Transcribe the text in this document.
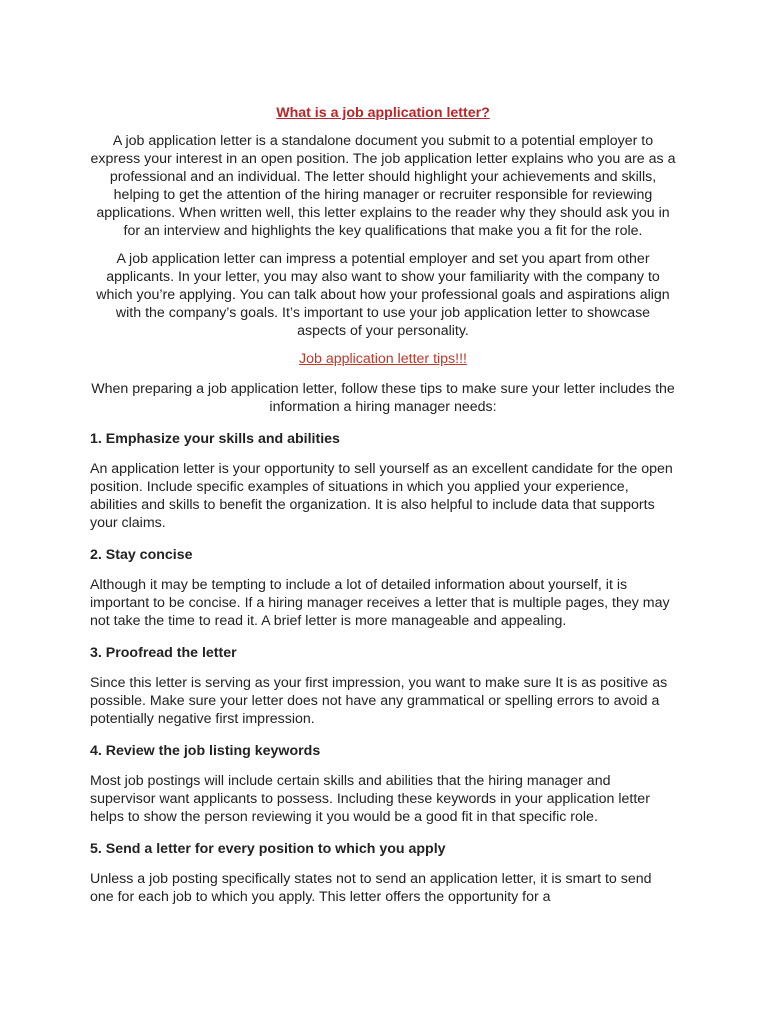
What is a job application letter?

A job application letter is a standalone document you submit to a potential employer to express your interest in an open position. The job application letter explains who you are as a professional and an individual. The letter should highlight your achievements and skills, helping to get the attention of the hiring manager or recruiter responsible for reviewing applications. When written well, this letter explains to the reader why they should ask you in for an interview and highlights the key qualifications that make you a fit for the role.

A job application letter can impress a potential employer and set you apart from other applicants. In your letter, you may also want to show your familiarity with the company to which you’re applying. You can talk about how your professional goals and aspirations align with the company’s goals. It’s important to use your job application letter to showcase aspects of your personality.

Job application letter tips!!!

When preparing a job application letter, follow these tips to make sure your letter includes the information a hiring manager needs:

1. Emphasize your skills and abilities

An application letter is your opportunity to sell yourself as an excellent candidate for the open position. Include specific examples of situations in which you applied your experience, abilities and skills to benefit the organization. It is also helpful to include data that supports your claims.

2. Stay concise

Although it may be tempting to include a lot of detailed information about yourself, it is important to be concise. If a hiring manager receives a letter that is multiple pages, they may not take the time to read it. A brief letter is more manageable and appealing.

3. Proofread the letter

Since this letter is serving as your first impression, you want to make sure It is as positive as possible. Make sure your letter does not have any grammatical or spelling errors to avoid a potentially negative first impression.

4. Review the job listing keywords

Most job postings will include certain skills and abilities that the hiring manager and supervisor want applicants to possess. Including these keywords in your application letter helps to show the person reviewing it you would be a good fit in that specific role.

5. Send a letter for every position to which you apply

Unless a job posting specifically states not to send an application letter, it is smart to send one for each job to which you apply. This letter offers the opportunity for a
